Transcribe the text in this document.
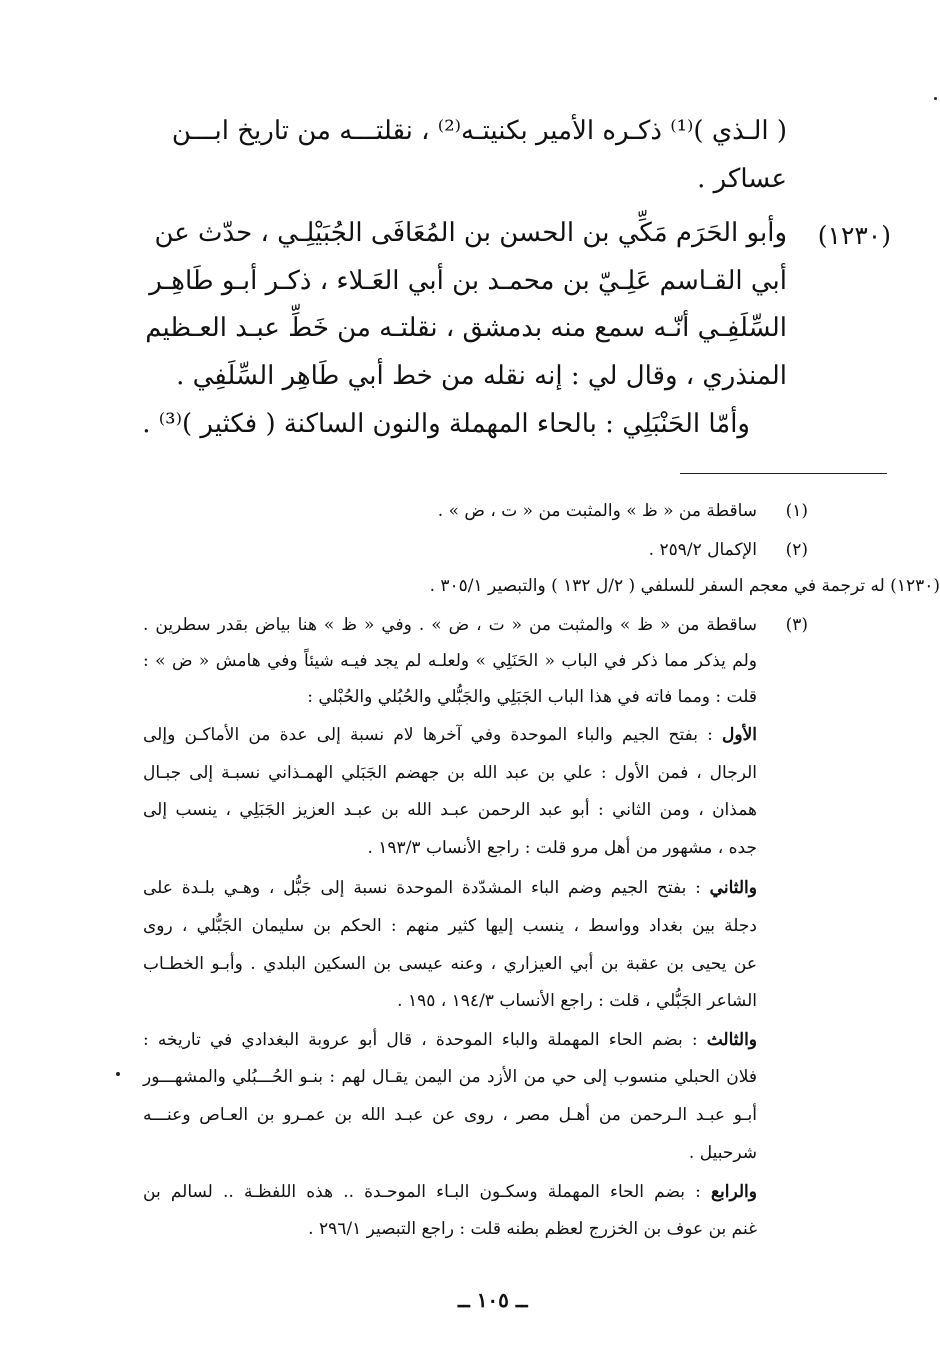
( الـذي )⁽¹⁾ ذكـره الأمير بكنيتـه⁽²⁾ ، نقلتـــه من تاريخ ابـــن
عساكر .
(١٢٣٠)
وأبو الحَرَم مَكِّي بن الحسن بن المُعَافَى الجُبَيْلِـي ، حدّث عن
أبي القـاسم عَلِـيّ بن محمـد بن أبي العَـلاء ، ذكـر أبـو طَاهِـر
السِّلَفِـي أنّـه سمع منه بدمشق ، نقلتـه من خَطِّ عبـد العـظيم
المنذري ، وقال لي : إنه نقله من خط أبي طَاهِر السِّلَفِي .
وأمّا الحَنْبَلِي : بالحاء المهملة والنون الساكنة ( فكثير )⁽³⁾ .
(١)
ساقطة من « ظ » والمثبت من « ت ، ض » .
(٢)
الإكمال ٢٥٩/٢ .
(١٢٣٠) له ترجمة في معجم السفر للسلفي ( ٢/ل ١٣٢ ) والتبصير ٣٠٥/١ .
(٣)
ساقطة من « ظ » والمثبت من « ت ، ض » . وفي « ظ » هنا بياض بقدر سطرين .
ولم يذكر مما ذكر في الباب « الحَنَلِي » ولعلـه لم يجد فيـه شيئاً وفي هامش « ض » :
قلت : ومما فاته في هذا الباب الجَبَلِي والجَبُّلي والحُبُلي والحُبْلي :
الأول : بفتح الجيم والباء الموحدة وفي آخرها لام نسبة إلى عدة من الأماكـن وإلى
الرجال ، فمن الأول : علي بن عبد الله بن جهضم الجَبَلي الهمـذاني نسبـة إلى جبـال
همذان ، ومن الثاني : أبو عبد الرحمن عبـد الله بن عبـد العزيز الجَبَلِي ، ينسب إلى
جده ، مشهور من أهل مرو قلت : راجع الأنساب ١٩٣/٣ .
والثاني : بفتح الجيم وضم الباء المشدّدة الموحدة نسبة إلى جَبُّل ، وهـي بلـدة على
دجلة بين بغداد وواسط ، ينسب إليها كثير منهم : الحكم بن سليمان الجَبُّلي ، روى
عن يحيى بن عقبة بن أبي العيزاري ، وعنه عيسى بن السكين البلدي . وأبـو الخطـاب
الشاعر الجَبُّلي ، قلت : راجع الأنساب ١٩٤/٣ ، ١٩٥ .
والثالث : بضم الحاء المهملة والباء الموحدة ، قال أبو عروبة البغدادي في تاريخه :
فلان الحبلي منسوب إلى حي من الأزد من اليمن يقـال لهم : بنـو الحُـــبُلي والمشهـــور
أبـو عبـد الـرحمن من أهـل مصر ، روى عن عبـد الله بن عمـرو بن العـاص وعنـــه
شرحبيل .
والرابع : بضم الحاء المهملة وسكـون البـاء الموحـدة .. هذه اللفظـة .. لسالم بن
غنم بن عوف بن الخزرج لعظم بطنه قلت : راجع التبصير ٢٩٦/١ .
ــ ١٠٥ ــ
